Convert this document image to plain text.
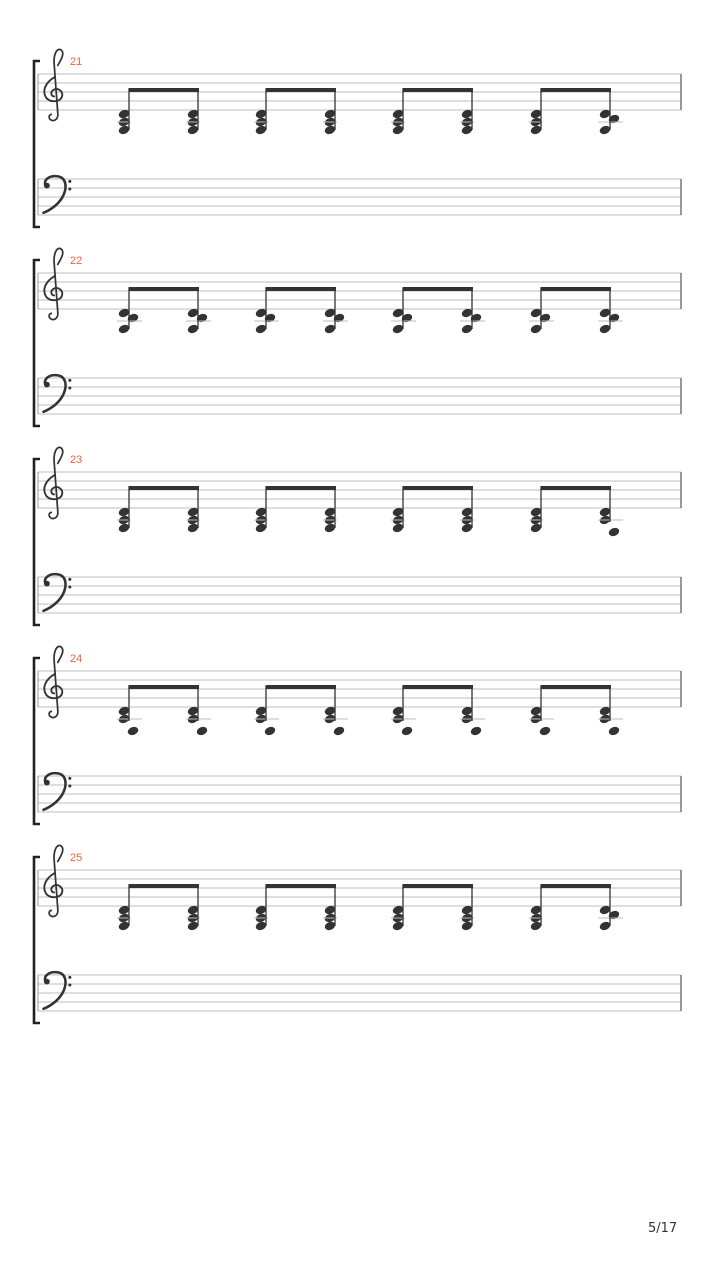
21
22
23
24
25
5/17
